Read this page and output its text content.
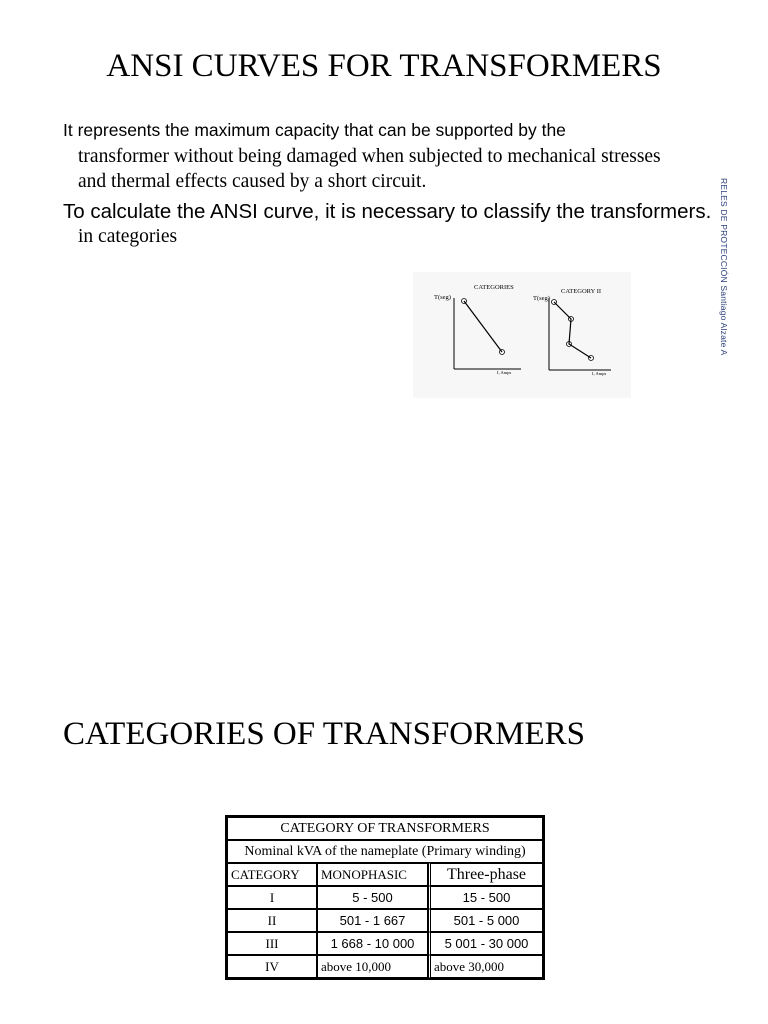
ANSI CURVES FOR TRANSFORMERS
It represents the maximum capacity that can be supported by the
transformer without being damaged when subjected to mechanical stresses
and thermal effects caused by a short circuit.
To calculate the ANSI curve, it is necessary to classify the transformers.
in categories	RELES DE PROTECCIÓN Santiago Alzate A
CATEGORIES
T(seg)
I, Amps
CATEGORY II
T(seg)
I, Amps
CATEGORIES OF TRANSFORMERS
CATEGORY OF TRANSFORMERS		
Nominal kVA of the nameplate (Primary winding)		
CATEGORY	MONOPHASIC	Three-phase
I	5 - 500	15 - 500
II	501 - 1 667	501 - 5 000
III	1 668 - 10 000	5 001 - 30 000
IV	above 10,000	above 30,000
